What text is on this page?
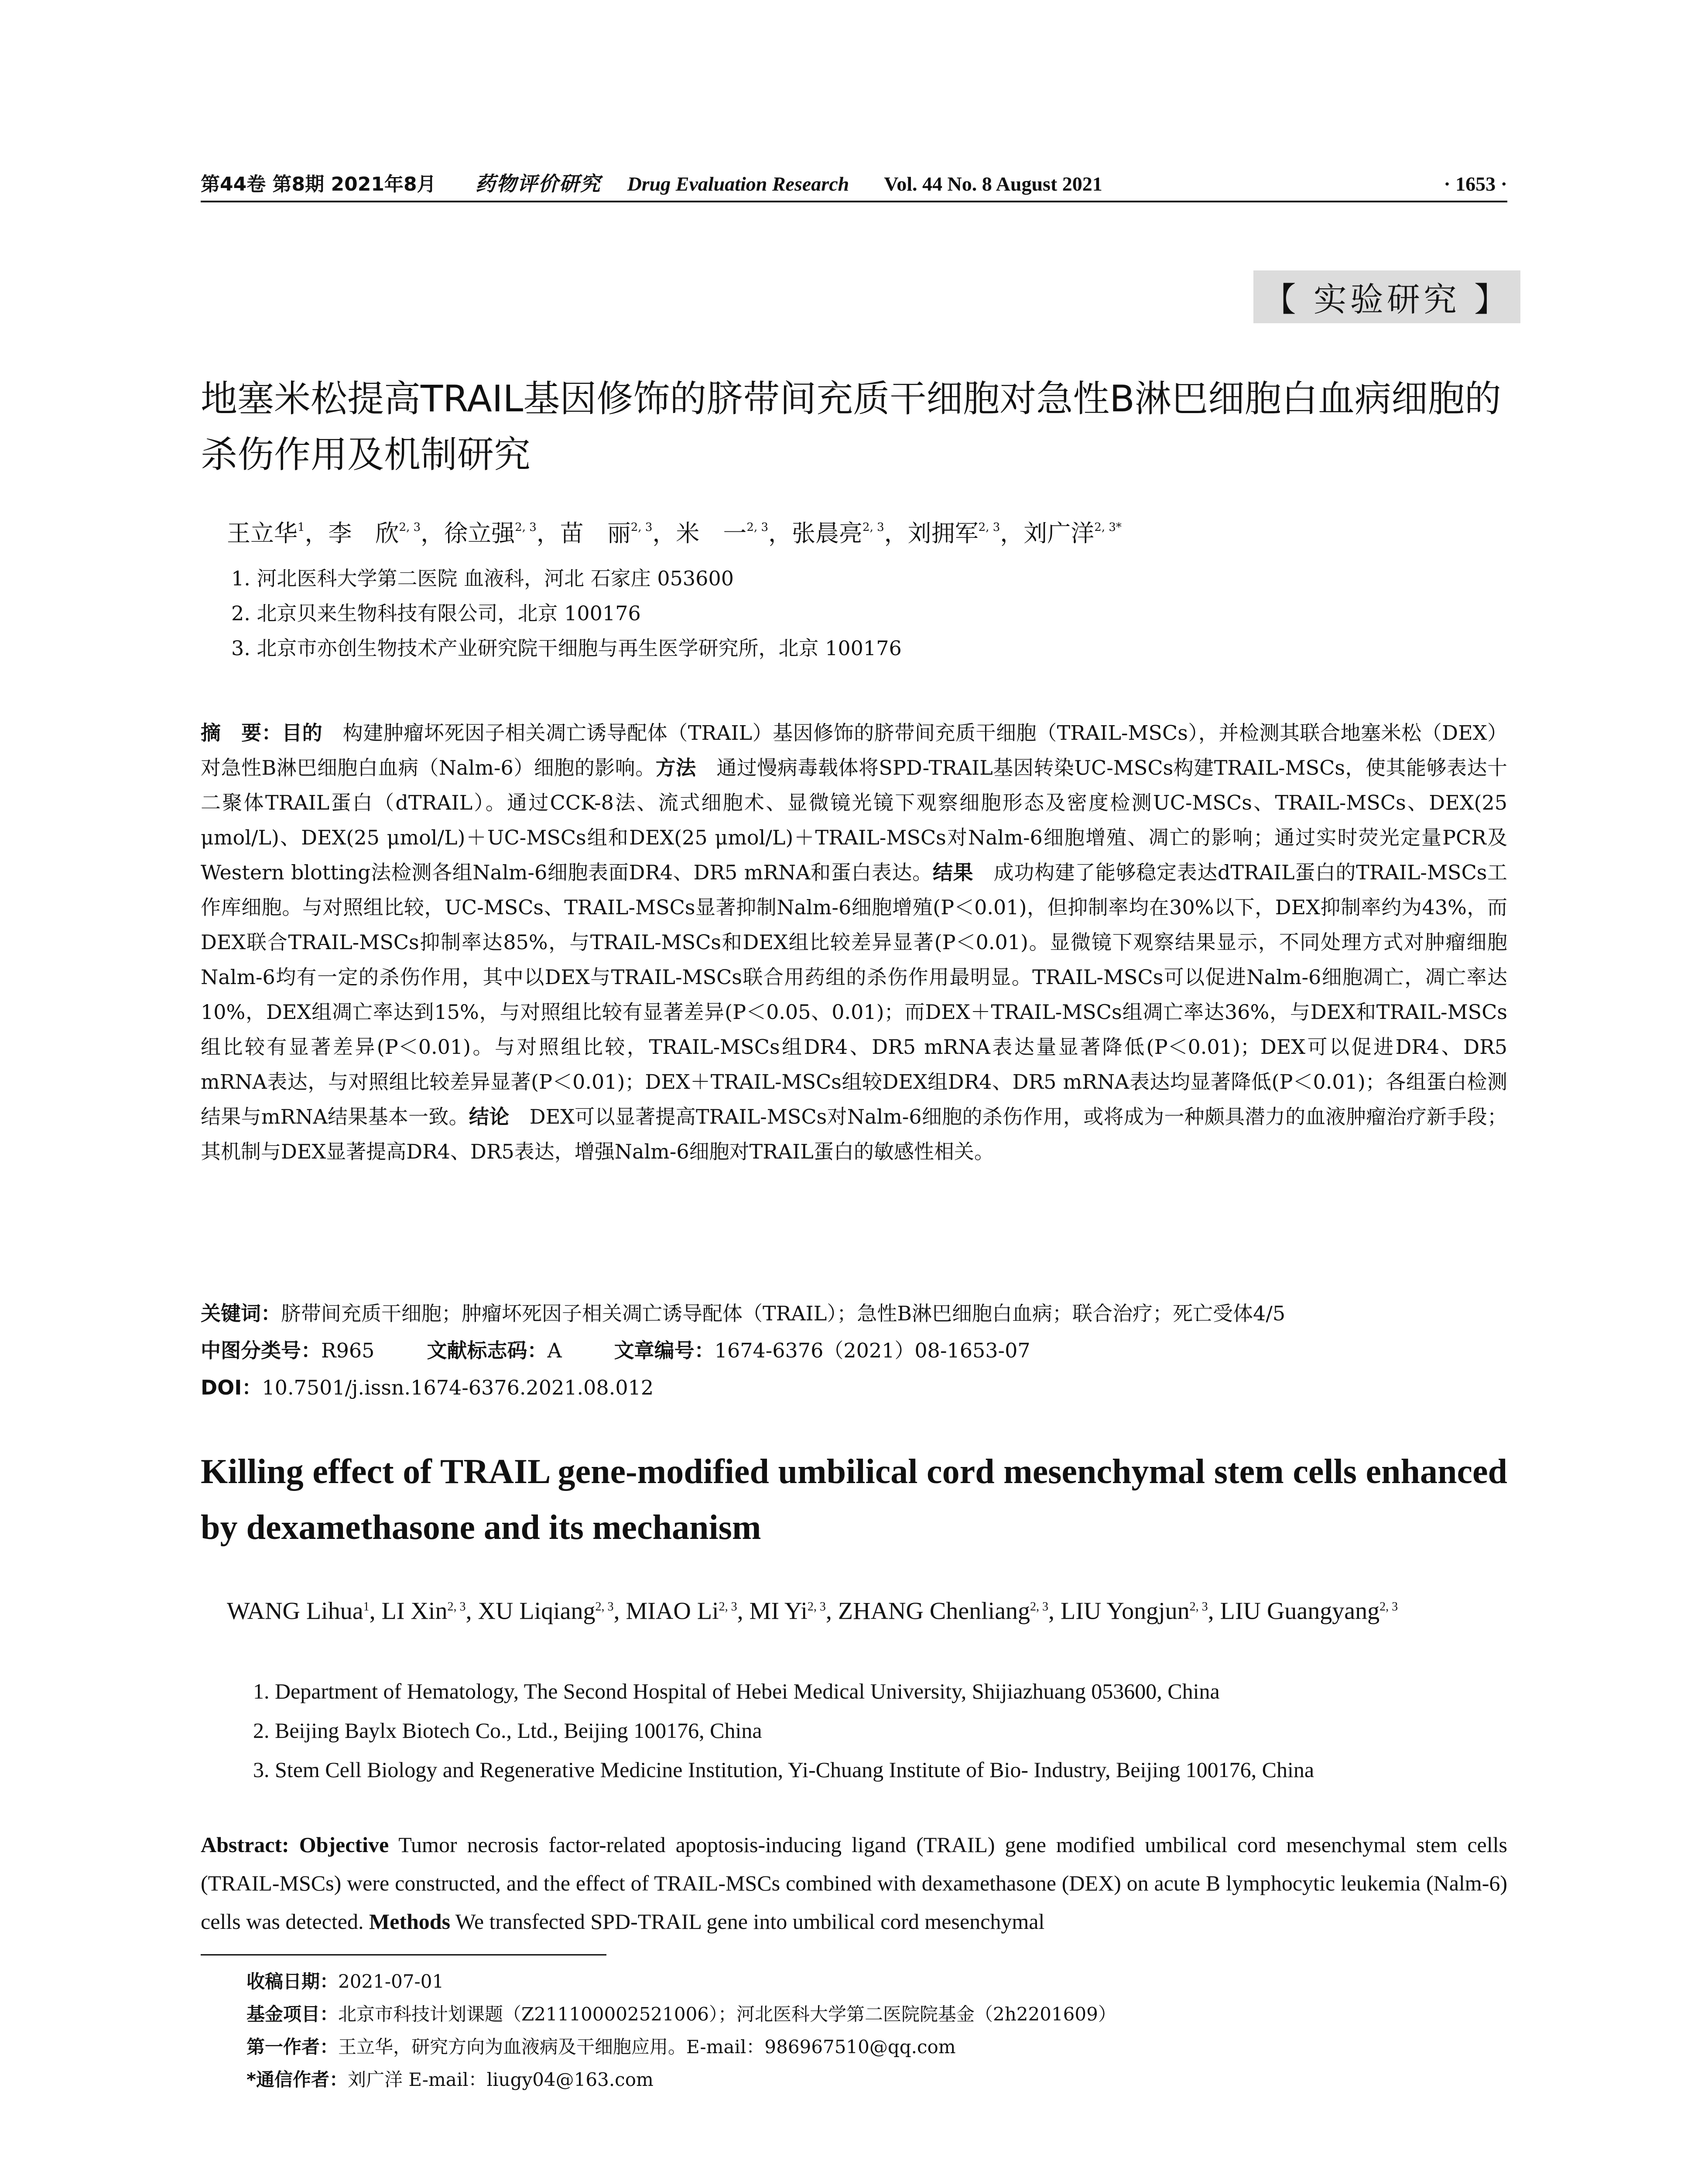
第44卷 第8期 2021年8月 药物评价研究 Drug Evaluation Research Vol. 44 No. 8 August 2021	· 1653 ·
【 实验研究 】
地塞米松提高TRAIL基因修饰的脐带间充质干细胞对急性B淋巴细胞白血病细胞的杀伤作用及机制研究
王立华$^1$，李　欣$^{2, 3}$，徐立强$^{2, 3}$，苗　丽$^{2, 3}$，米　一$^{2, 3}$，张晨亮$^{2, 3}$，刘拥军$^{2, 3}$，刘广洋$^{2, 3*}$
1. 河北医科大学第二医院 血液科，河北 石家庄 053600
2. 北京贝来生物科技有限公司，北京 100176
3. 北京市亦创生物技术产业研究院干细胞与再生医学研究所，北京 100176

摘　要：目的　 构建肿瘤坏死因子相关凋亡诱导配体（TRAIL）基因修饰的脐带间充质干细胞（TRAIL-MSCs），并检测其联合地塞米松（DEX）对急性B淋巴细胞白血病（Nalm-6）细胞的影响。方法　 通过慢病毒载体将SPD-TRAIL基因转染UC-MSCs构建TRAIL-MSCs，使其能够表达十二聚体TRAIL蛋白（dTRAIL）。通过CCK-8法、流式细胞术、显微镜光镜下观察细胞形态及密度检测UC-MSCs、TRAIL-MSCs、DEX(25 μmol/L)、DEX(25 μmol/L)＋UC-MSCs组和DEX(25 μmol/L)＋TRAIL-MSCs对Nalm-6细胞增殖、凋亡的影响；通过实时荧光定量PCR及Western blotting法检测各组Nalm-6细胞表面DR4、DR5 mRNA和蛋白表达。结果　 成功构建了能够稳定表达dTRAIL蛋白的TRAIL-MSCs工作库细胞。与对照组比较，UC-MSCs、TRAIL-MSCs显著抑制Nalm-6细胞增殖(P＜0.01)，但抑制率均在30%以下，DEX抑制率约为43%，而DEX联合TRAIL-MSCs抑制率达85%，与TRAIL-MSCs和DEX组比较差异显著(P＜0.01)。显微镜下观察结果显示，不同处理方式对肿瘤细胞Nalm-6均有一定的杀伤作用，其中以DEX与TRAIL-MSCs联合用药组的杀伤作用最明显。TRAIL-MSCs可以促进Nalm-6细胞凋亡，凋亡率达10%，DEX组凋亡率达到15%，与对照组比较有显著差异(P＜0.05、0.01)；而DEX＋TRAIL-MSCs组凋亡率达36%，与DEX和TRAIL-MSCs组比较有显著差异(P＜0.01)。与对照组比较，TRAIL-MSCs组DR4、DR5 mRNA表达量显著降低(P＜0.01)；DEX可以促进DR4、DR5 mRNA表达，与对照组比较差异显著(P＜0.01)；DEX＋TRAIL-MSCs组较DEX组DR4、DR5 mRNA表达均显著降低(P＜0.01)；各组蛋白检测结果与mRNA结果基本一致。结论　 DEX可以显著提高TRAIL-MSCs对Nalm-6细胞的杀伤作用，或将成为一种颇具潜力的血液肿瘤治疗新手段；其机制与DEX显著提高DR4、DR5表达，增强Nalm-6细胞对TRAIL蛋白的敏感性相关。

关键词：脐带间充质干细胞；肿瘤坏死因子相关凋亡诱导配体（TRAIL）；急性B淋巴细胞白血病；联合治疗；死亡受体4/5
中图分类号：R965	文献标志码：A	文章编号：1674-6376（2021）08-1653-07
DOI：10.7501/j.issn.1674-6376.2021.08.012
Killing effect of TRAIL gene-modified umbilical cord mesenchymal stem cells enhanced by dexamethasone and its mechanism
WANG Lihua$^1$, LI Xin$^{2, 3}$, XU Liqiang$^{2, 3}$, MIAO Li$^{2, 3}$, MI Yi$^{2, 3}$, ZHANG Chenliang$^{2, 3}$, LIU Yongjun$^{2, 3}$, LIU Guangyang$^{2, 3}$
1. Department of Hematology, The Second Hospital of Hebei Medical University, Shijiazhuang 053600, China
2. Beijing Baylx Biotech Co., Ltd., Beijing 100176, China
3. Stem Cell Biology and Regenerative Medicine Institution, Yi-Chuang Institute of Bio- Industry, Beijing 100176, China

Abstract: Objective Tumor necrosis factor-related apoptosis-inducing ligand (TRAIL) gene modified umbilical cord mesenchymal stem cells (TRAIL-MSCs) were constructed, and the effect of TRAIL-MSCs combined with dexamethasone (DEX) on acute B lymphocytic leukemia (Nalm-6) cells was detected. Methods We transfected SPD-TRAIL gene into umbilical cord mesenchymal

收稿日期：2021-07-01
基金项目：北京市科技计划课题（Z211100002521006）；河北医科大学第二医院院基金（2h2201609）
第一作者：王立华，研究方向为血液病及干细胞应用。E-mail：986967510@qq.com
*通信作者：刘广洋 E-mail：liugy04@163.com
